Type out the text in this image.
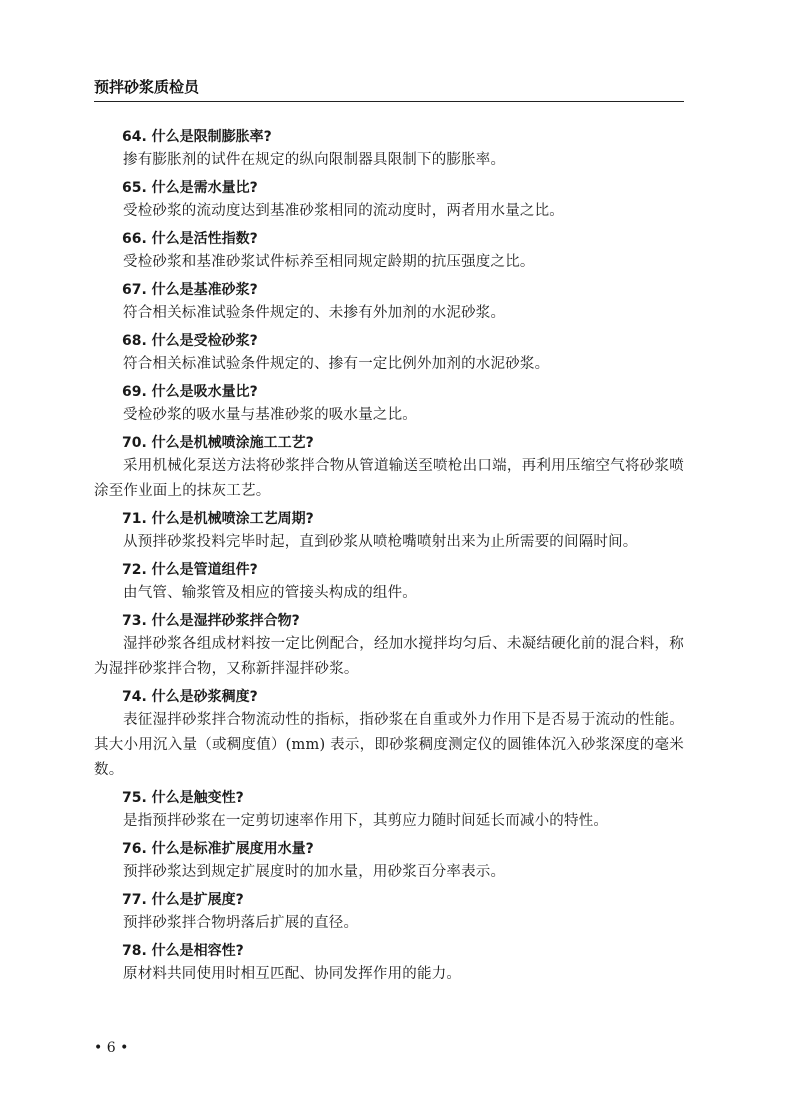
预拌砂浆质检员
64. 什么是限制膨胀率?
掺有膨胀剂的试件在规定的纵向限制器具限制下的膨胀率。
65. 什么是需水量比?
受检砂浆的流动度达到基准砂浆相同的流动度时，两者用水量之比。
66. 什么是活性指数?
受检砂浆和基准砂浆试件标养至相同规定龄期的抗压强度之比。
67. 什么是基准砂浆?
符合相关标准试验条件规定的、未掺有外加剂的水泥砂浆。
68. 什么是受检砂浆?
符合相关标准试验条件规定的、掺有一定比例外加剂的水泥砂浆。
69. 什么是吸水量比?
受检砂浆的吸水量与基准砂浆的吸水量之比。
70. 什么是机械喷涂施工工艺?
采用机械化泵送方法将砂浆拌合物从管道输送至喷枪出口端，再利用压缩空气将砂浆喷涂至作业面上的抹灰工艺。
71. 什么是机械喷涂工艺周期?
从预拌砂浆投料完毕时起，直到砂浆从喷枪嘴喷射出来为止所需要的间隔时间。
72. 什么是管道组件?
由气管、输浆管及相应的管接头构成的组件。
73. 什么是湿拌砂浆拌合物?
湿拌砂浆各组成材料按一定比例配合，经加水搅拌均匀后、未凝结硬化前的混合料，称为湿拌砂浆拌合物，又称新拌湿拌砂浆。
74. 什么是砂浆稠度?
表征湿拌砂浆拌合物流动性的指标，指砂浆在自重或外力作用下是否易于流动的性能。其大小用沉入量（或稠度值）(mm) 表示，即砂浆稠度测定仪的圆锥体沉入砂浆深度的毫米数。
75. 什么是触变性?
是指预拌砂浆在一定剪切速率作用下，其剪应力随时间延长而减小的特性。
76. 什么是标准扩展度用水量?
预拌砂浆达到规定扩展度时的加水量，用砂浆百分率表示。
77. 什么是扩展度?
预拌砂浆拌合物坍落后扩展的直径。
78. 什么是相容性?
原材料共同使用时相互匹配、协同发挥作用的能力。
• 6 •
